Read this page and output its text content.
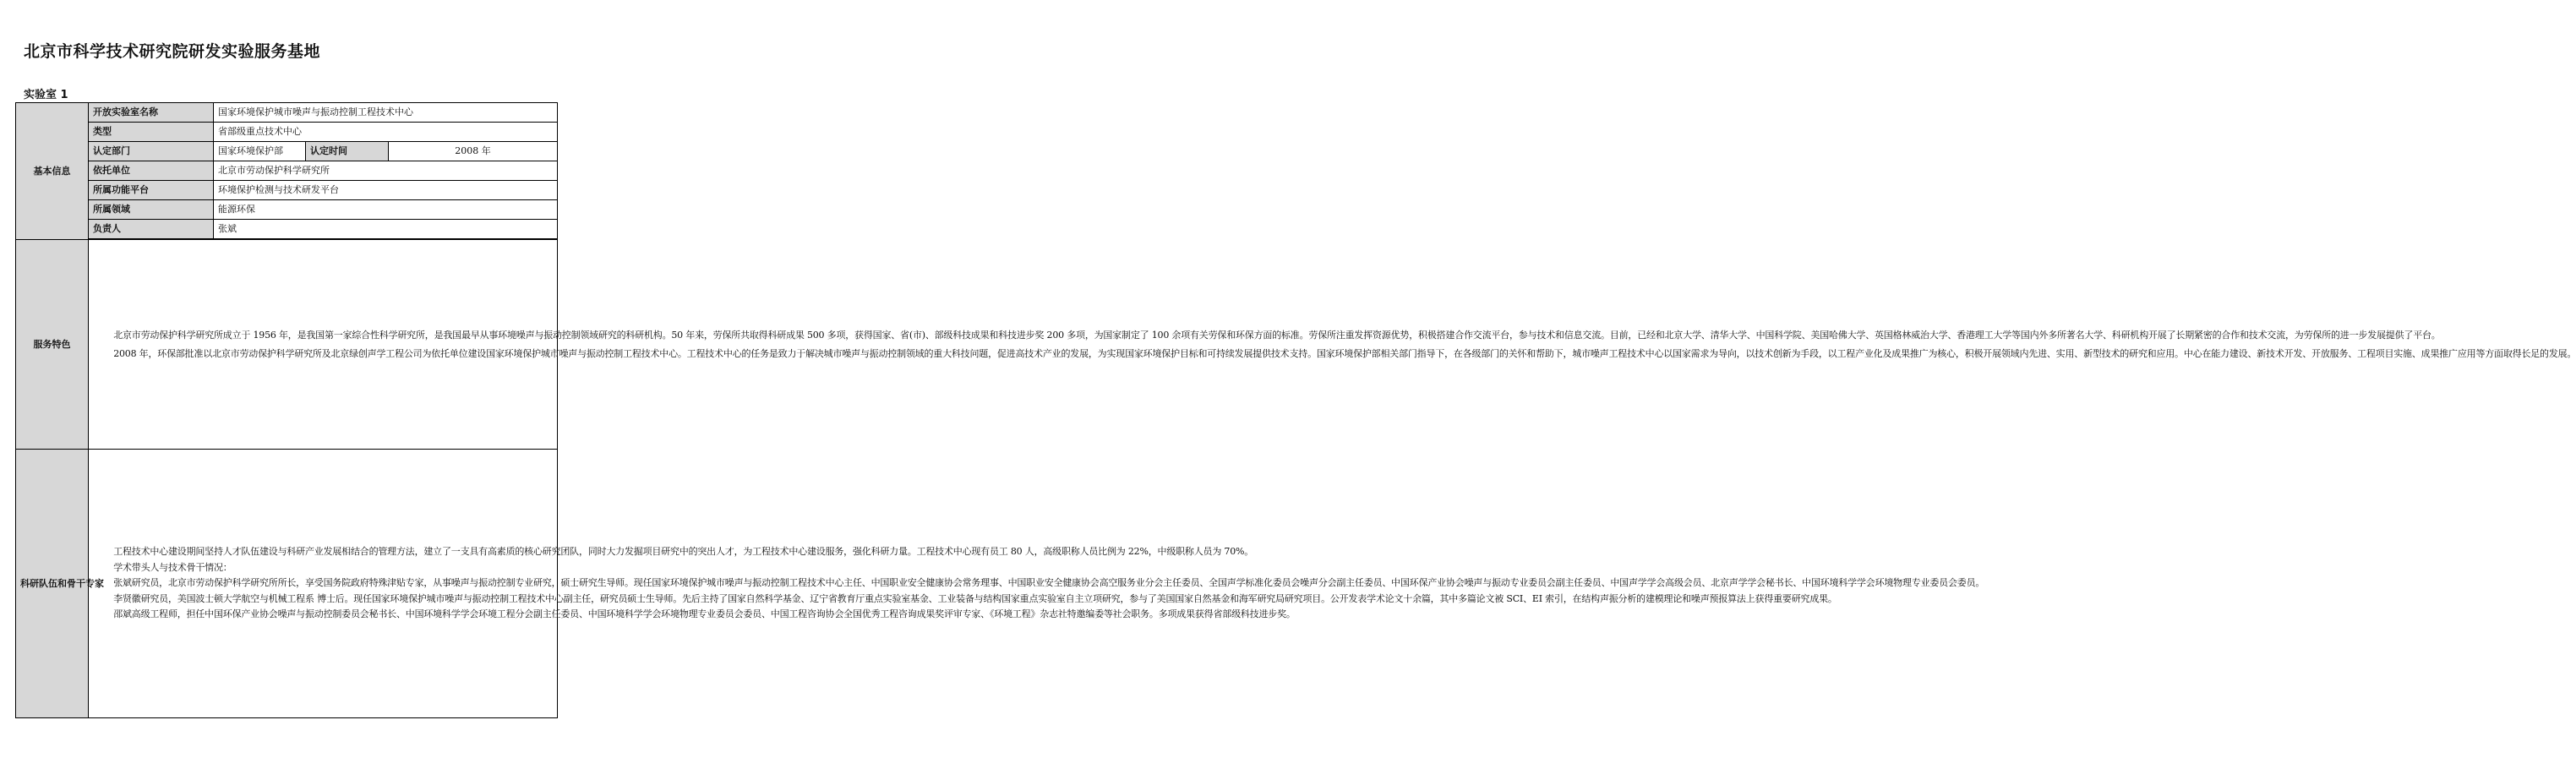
北京市科学技术研究院研发实验服务基地
实验室 1
基本信息	开放实验室名称	国家环境保护城市噪声与振动控制工程技术中心		
	类型	省部级重点技术中心		
	认定部门	国家环境保护部	认定时间	2008 年
	依托单位	北京市劳动保护科学研究所		
	所属功能平台	环境保护检测与技术研发平台		
	所属领域	能源环保		
	负责人	张斌		

服务特色	北京市劳动保护科学研究所成立于 1956 年，是我国第一家综合性科学研究所，是我国最早从事环境噪声与振动控制领域研究的科研机构。50 年来，劳保所共取得科研成果 500 多项，获得国家、省(市)、部级科技成果和科技进步奖 200 多项，为国家制定了 100 余项有关劳保和环保方面的标准。劳保所注重发挥资源优势，积极搭建合作交流平台，参与技术和信息交流。目前，已经和北京大学、清华大学、中国科学院、美国哈佛大学、英国格林威治大学、香港理工大学等国内外多所著名大学、科研机构开展了长期紧密的合作和技术交流，为劳保所的进一步发展提供了平台。

2008 年，环保部批准以北京市劳动保护科学研究所及北京绿创声学工程公司为依托单位建设国家环境保护城市噪声与振动控制工程技术中心。工程技术中心的任务是致力于解决城市噪声与振动控制领域的重大科技问题，促进高技术产业的发展，为实现国家环境保护目标和可持续发展提供技术支持。国家环境保护部相关部门指导下，在各级部门的关怀和帮助下，城市噪声工程技术中心以国家需求为导向，以技术创新为手段，以工程产业化及成果推广为核心，积极开展领域内先进、实用、新型技术的研究和应用。中心在能力建设、新技术开发、开放服务、工程项目实施、成果推广应用等方面取得长足的发展。			

科研队伍和骨干专家	工程技术中心建设期间坚持人才队伍建设与科研产业发展相结合的管理方法，建立了一支具有高素质的核心研究团队，同时大力发掘项目研究中的突出人才，为工程技术中心建设服务，强化科研力量。工程技术中心现有员工 80 人，高级职称人员比例为 22%，中级职称人员为 70%。

学术带头人与技术骨干情况：

张斌研究员，北京市劳动保护科学研究所所长，享受国务院政府特殊津贴专家，从事噪声与振动控制专业研究，硕士研究生导师。现任国家环境保护城市噪声与振动控制工程技术中心主任、中国职业安全健康协会常务理事、中国职业安全健康协会高空服务业分会主任委员、全国声学标准化委员会噪声分会副主任委员、中国环保产业协会噪声与振动专业委员会副主任委员、中国声学学会高级会员、北京声学学会秘书长、中国环境科学学会环境物理专业委员会委员。

李贤徽研究员，美国波士顿大学航空与机械工程系 博士后。现任国家环境保护城市噪声与振动控制工程技术中心副主任，研究员硕士生导师。先后主持了国家自然科学基金、辽宁省教育厅重点实验室基金、工业装备与结构国家重点实验室自主立项研究，参与了美国国家自然基金和海军研究局研究项目。公开发表学术论文十余篇，其中多篇论文被 SCI、EI 索引，在结构声振分析的建模理论和噪声预报算法上获得重要研究成果。

邵斌高级工程师，担任中国环保产业协会噪声与振动控制委员会秘书长、中国环境科学学会环境工程分会副主任委员、中国环境科学学会环境物理专业委员会委员、中国工程咨询协会全国优秀工程咨询成果奖评审专家、《环境工程》杂志社特邀编委等社会职务。多项成果获得省部级科技进步奖。			
